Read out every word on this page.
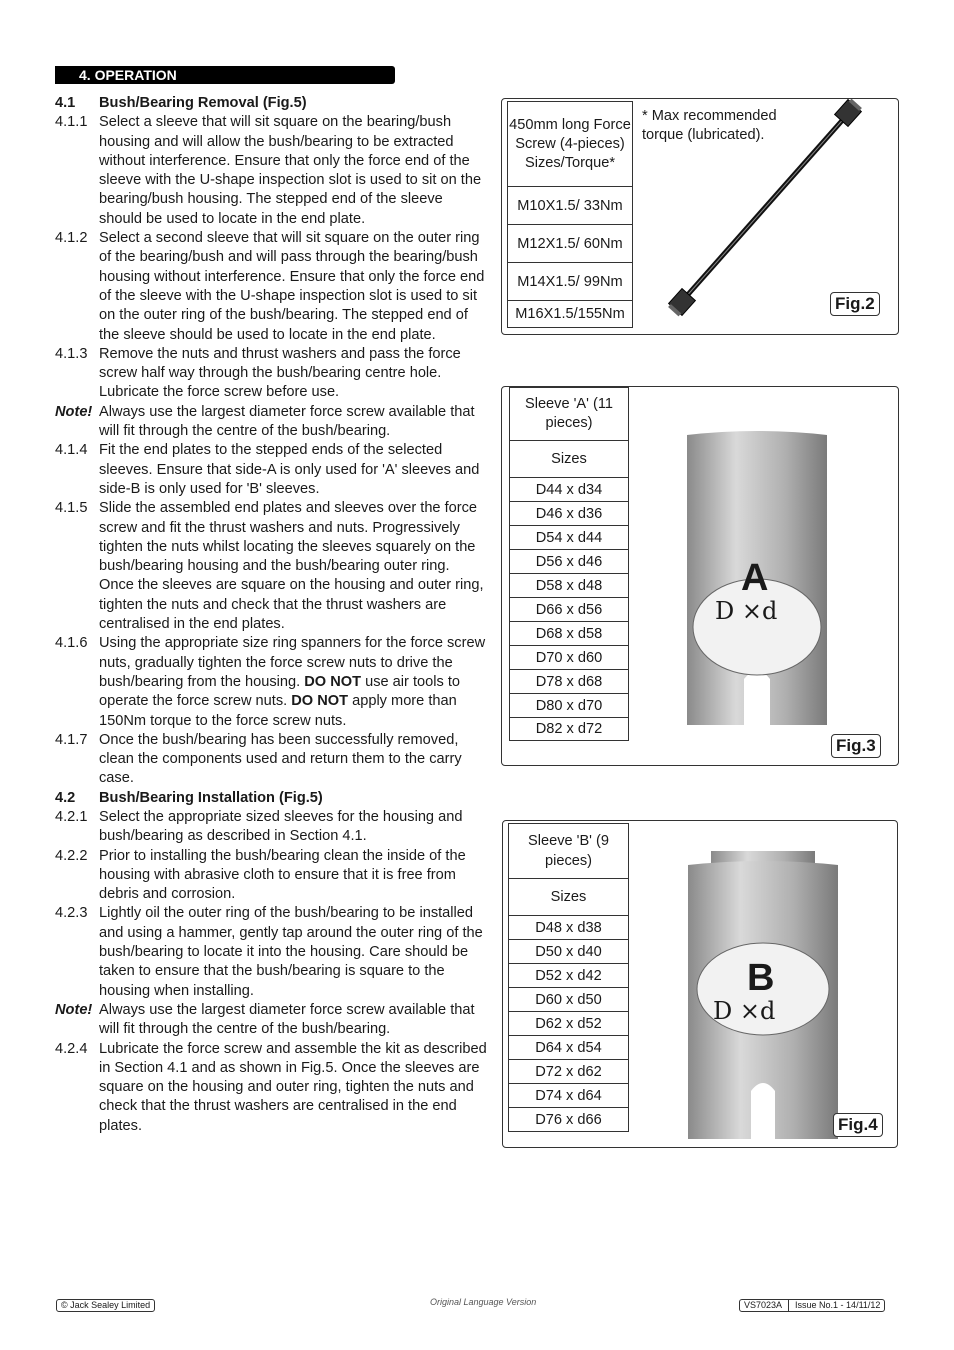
4. OPERATION
4.1	Bush/Bearing Removal (Fig.5)
4.1.1 Select a sleeve that will sit square on the bearing/bush housing and will allow the bush/bearing to be extracted without interference. Ensure that only the force end of the sleeve with the U-shape inspection slot is used to sit on the bearing/bush housing. The stepped end of the sleeve should be used to locate in the end plate.
4.1.2 Select a second sleeve that will sit square on the outer ring of the bearing/bush and will pass through the bearing/bush housing without interference. Ensure that only the force end of the sleeve with the U-shape inspection slot is used to sit on the outer ring of the bush/bearing. The stepped end of the sleeve should be used to locate in the end plate.
4.1.3 Remove the nuts and thrust washers and pass the force screw half way through the bush/bearing centre hole. Lubricate the force screw before use.
Note! Always use the largest diameter force screw available that will fit through the centre of the bush/bearing.
4.1.4 Fit the end plates to the stepped ends of the selected sleeves. Ensure that side-A is only used for 'A' sleeves and side-B is only used for 'B' sleeves.
4.1.5 Slide the assembled end plates and sleeves over the force screw and fit the thrust washers and nuts. Progressively tighten the nuts whilst locating the sleeves squarely on the bush/bearing housing and the bush/bearing outer ring. Once the sleeves are square on the housing and outer ring, tighten the nuts and check that the thrust washers are centralised in the end plates.
4.1.6 Using the appropriate size ring spanners for the force screw nuts, gradually tighten the force screw nuts to drive the bush/bearing from the housing. DO NOT use air tools to operate the force screw nuts. DO NOT apply more than 150Nm torque to the force screw nuts.
4.1.7 Once the bush/bearing has been successfully removed, clean the components used and return them to the carry case.
4.2	Bush/Bearing Installation (Fig.5)
4.2.1 Select the appropriate sized sleeves for the housing and bush/bearing as described in Section 4.1.
4.2.2 Prior to installing the bush/bearing clean the inside of the housing with abrasive cloth to ensure that it is free from debris and corrosion.
4.2.3 Lightly oil the outer ring of the bush/bearing to be installed and using a hammer, gently tap around the outer ring of the bush/bearing to locate it into the housing. Care should be taken to ensure that the bush/bearing is square to the housing when installing.
Note! Always use the largest diameter force screw available that will fit through the centre of the bush/bearing.
4.2.4 Lubricate the force screw and assemble the kit as described in Section 4.1 and as shown in Fig.5. Once the sleeves are square on the housing and outer ring, tighten the nuts and check that the thrust washers are centralised in the end plates.
450mm long Force Screw (4-pieces) Sizes/Torque*
M10X1.5/ 33Nm
M12X1.5/ 60Nm
M14X1.5/ 99Nm
M16X1.5/155Nm
* Max recommended torque (lubricated).
Fig.2
Sleeve 'A' (11 pieces)
Sizes
D44 x d34
D46 x d36
D54 x d44
D56 x d46
D58 x d48
D66 x d56
D68 x d58
D70 x d60
D78 x d68
D80 x d70
D82 x d72
A
D ×d
Fig.3
Sleeve 'B' (9 pieces)
Sizes
D48 x d38
D50 x d40
D52 x d42
D60 x d50
D62 x d52
D64 x d54
D72 x d62
D74 x d64
D76 x d66
B
D ×d
Fig.4
© Jack Sealey Limited	Original Language Version	VS7023A Issue No.1 - 14/11/12
